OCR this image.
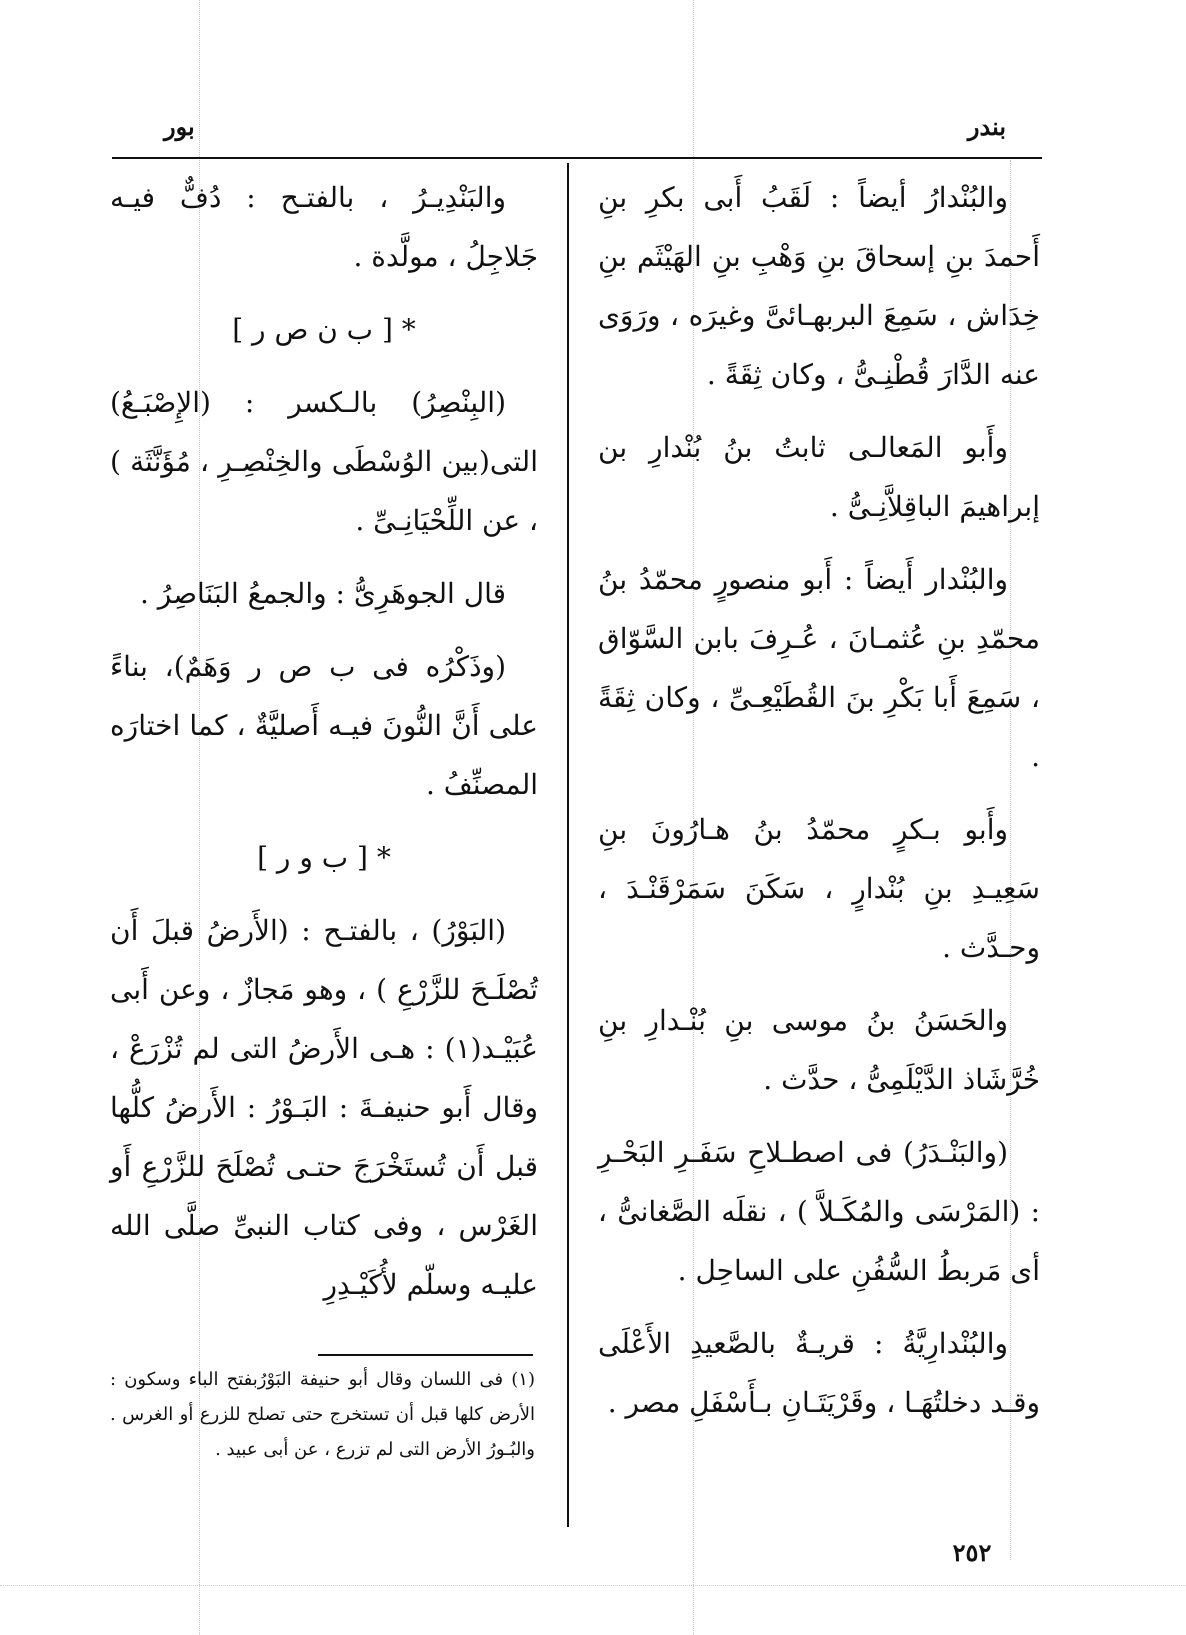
بندر
بور

والبُنْدارُ أيضاً : لَقَبُ أَبى بكرِ بنِ أَحمدَ بنِ إسحاقَ بنِ وَهْبِ بنِ الهَيْثَم بنِ خِدَاش ، سَمِعَ البربهـائىَّ وغيرَه ، ورَوَى عنه الدَّارَ قُطْنِـىُّ ، وكان ثِقَةً .

وأَبو المَعالـى ثابتُ بنُ بُنْدارِ بن إبراهيمَ الباقِلاَّنِـىُّ .

والبُنْدار أَيضاً : أَبو منصورٍ محمّدُ بنُ محمّدِ بنِ عُثمـانَ ، عُـرِفَ بابن السَّوّاق ، سَمِعَ أَبا بَكْرِ بنَ القُطَيْعِـىِّ ، وكان ثِقَةً .

وأَبو بـكرٍ محمّدُ بنُ هـارُونَ بنِ سَعِيـدِ بنِ بُنْدارٍ ، سَكَنَ سَمَرْقَنْـدَ ، وحـدَّث .

والحَسَنُ بنُ موسى بنِ بُنْـدارِ بنِ خُرَّشَاذ الدَّيْلَمِىُّ ، حدَّث .

(والبَنْـدَرُ) فى اصطـلاحِ سَفَـرِ البَحْـرِ : (المَرْسَى والمُكَـلاَّ ) ، نقلَه الصَّغانىُّ ، أى مَربطُ السُّفُنِ على الساحِل .

والبُنْدارِيَّةُ : قريـةٌ بالصَّعيدِ الأَعْلَى وقـد دخلتُهَـا ، وقَرْيَتَـانِ بـأَسْفَلِ مصر .

والبَنْدِيـرُ ، بالفتـح : دُفٌّ فيـه جَلاجِلُ ، مولَّدة .

* [ ب ن ص ر ]

(البِنْصِرُ) بالـكسر : (الإِصْبَـعُ) التى(بين الوُسْطَى والخِنْصِـرِ ، مُؤَنَّثَة ) ، عن اللِّحْيَانِـىِّ .

قال الجوهَرِىُّ : والجمعُ البَنَاصِرُ .

(وذَكْرُه فى ب ص ر وَهَمٌ)، بناءً على أَنَّ النُّونَ فيـه أَصليَّةٌ ، كما اختارَه المصنِّفُ .

* [ ب و ر ]

(البَوْرُ) ، بالفتـح : (الأَرضُ قبلَ أَن تُصْلَـحَ للزَّرْعِ ) ، وهو مَجازٌ ، وعن أَبى عُبَيْـد(١) : هـى الأَرضُ التى لم تُزْرَعْ ، وقال أَبو حنيفـةَ : البَـوْرُ : الأَرضُ كلُّها قبل أَن تُستَخْرَجَ حتـى تُصْلَحَ للزَّرْعِ أَو الغَرْس ، وفى كتاب النبىِّ صلَّى الله عليـه وسلّم لأُكَيْـدِرِ

(١) فى اللسان وقال أبو حنيفة البَوْرُبفتح الباء وسكون : الأرض كلها قبل أن تستخرج حتى تصلح للزرع أو الغرس . والبُـورُ الأرض التى لم تزرع ، عن أبى عبيد .
٢٥٢
